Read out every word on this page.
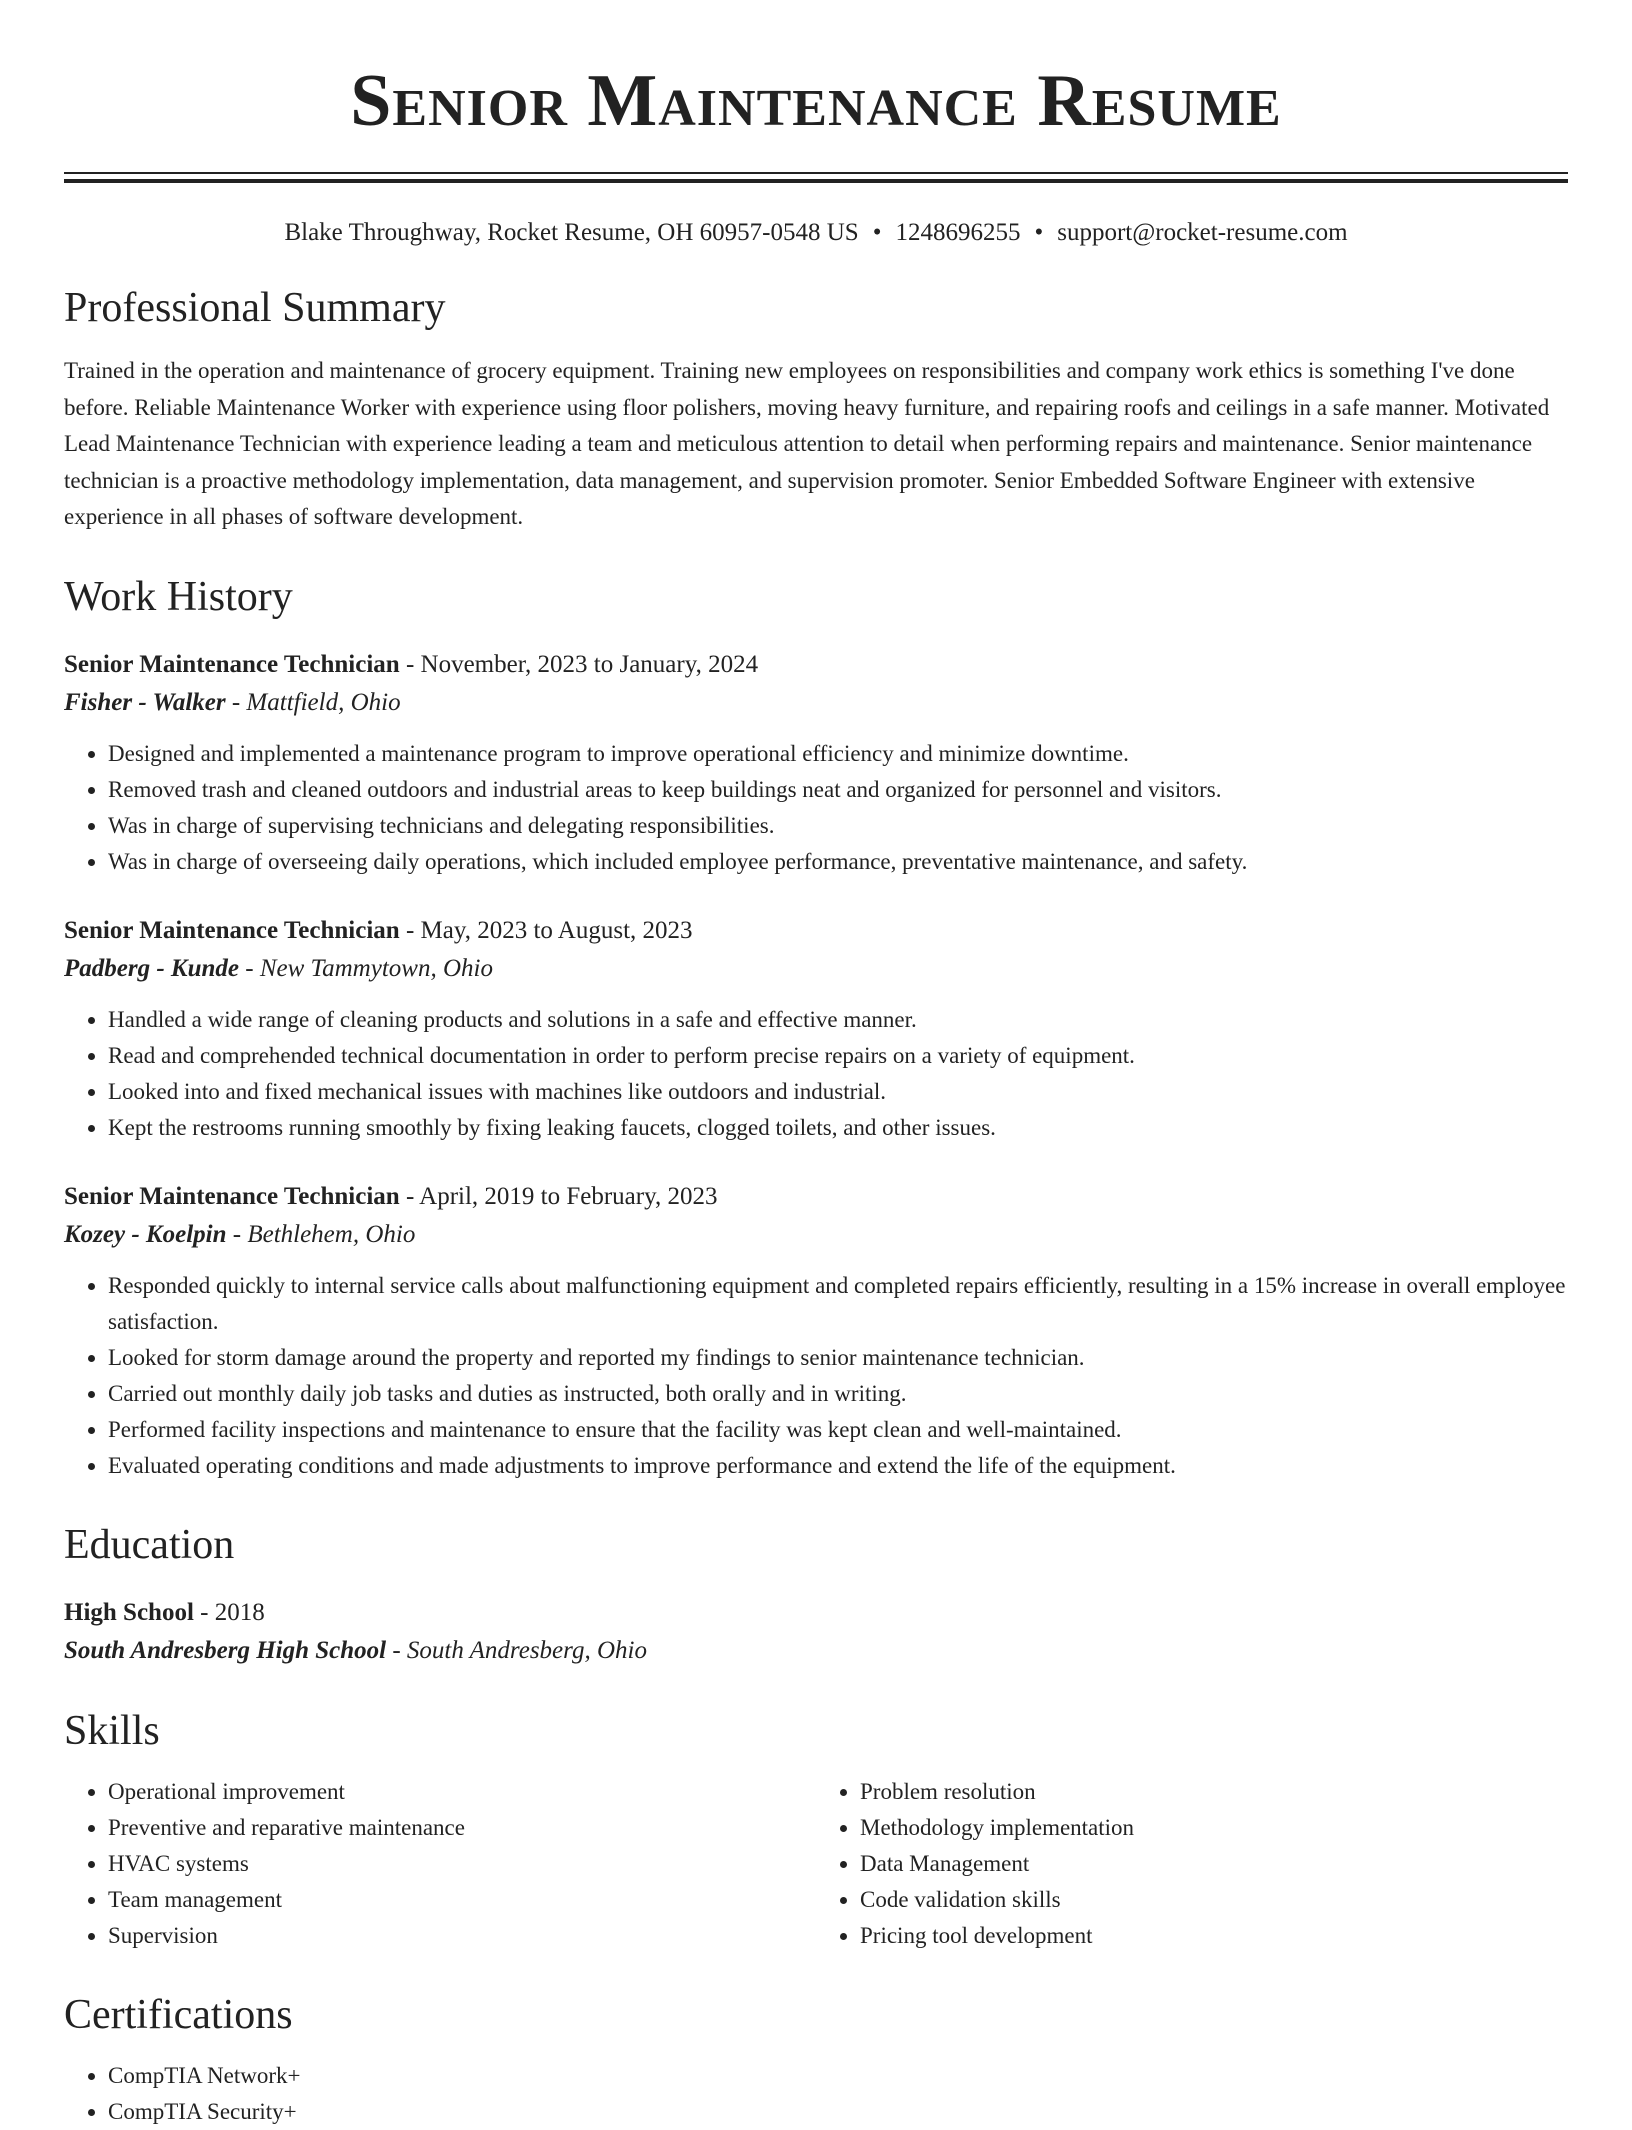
Senior Maintenance Resume
Blake Throughway, Rocket Resume, OH 60957-0548 US • 1248696255 • support@rocket-resume.com
Professional Summary
Trained in the operation and maintenance of grocery equipment. Training new employees on responsibilities and company work ethics is something I've done before. Reliable Maintenance Worker with experience using floor polishers, moving heavy furniture, and repairing roofs and ceilings in a safe manner. Motivated Lead Maintenance Technician with experience leading a team and meticulous attention to detail when performing repairs and maintenance. Senior maintenance technician is a proactive methodology implementation, data management, and supervision promoter. Senior Embedded Software Engineer with extensive experience in all phases of software development.
Work History
Senior Maintenance Technician - November, 2023 to January, 2024
Fisher - Walker - Mattfield, Ohio
• Designed and implemented a maintenance program to improve operational efficiency and minimize downtime.
• Removed trash and cleaned outdoors and industrial areas to keep buildings neat and organized for personnel and visitors.
• Was in charge of supervising technicians and delegating responsibilities.
• Was in charge of overseeing daily operations, which included employee performance, preventative maintenance, and safety.
Senior Maintenance Technician - May, 2023 to August, 2023
Padberg - Kunde - New Tammytown, Ohio
• Handled a wide range of cleaning products and solutions in a safe and effective manner.
• Read and comprehended technical documentation in order to perform precise repairs on a variety of equipment.
• Looked into and fixed mechanical issues with machines like outdoors and industrial.
• Kept the restrooms running smoothly by fixing leaking faucets, clogged toilets, and other issues.
Senior Maintenance Technician - April, 2019 to February, 2023
Kozey - Koelpin - Bethlehem, Ohio
• Responded quickly to internal service calls about malfunctioning equipment and completed repairs efficiently, resulting in a 15% increase in overall employee satisfaction.
• Looked for storm damage around the property and reported my findings to senior maintenance technician.
• Carried out monthly daily job tasks and duties as instructed, both orally and in writing.
• Performed facility inspections and maintenance to ensure that the facility was kept clean and well-maintained.
• Evaluated operating conditions and made adjustments to improve performance and extend the life of the equipment.
Education
High School - 2018
South Andresberg High School - South Andresberg, Ohio
Skills
• Operational improvement
• Preventive and reparative maintenance
• HVAC systems
• Team management
• Supervision
• Problem resolution
• Methodology implementation
• Data Management
• Code validation skills
• Pricing tool development
Certifications
• CompTIA Network+
• CompTIA Security+
